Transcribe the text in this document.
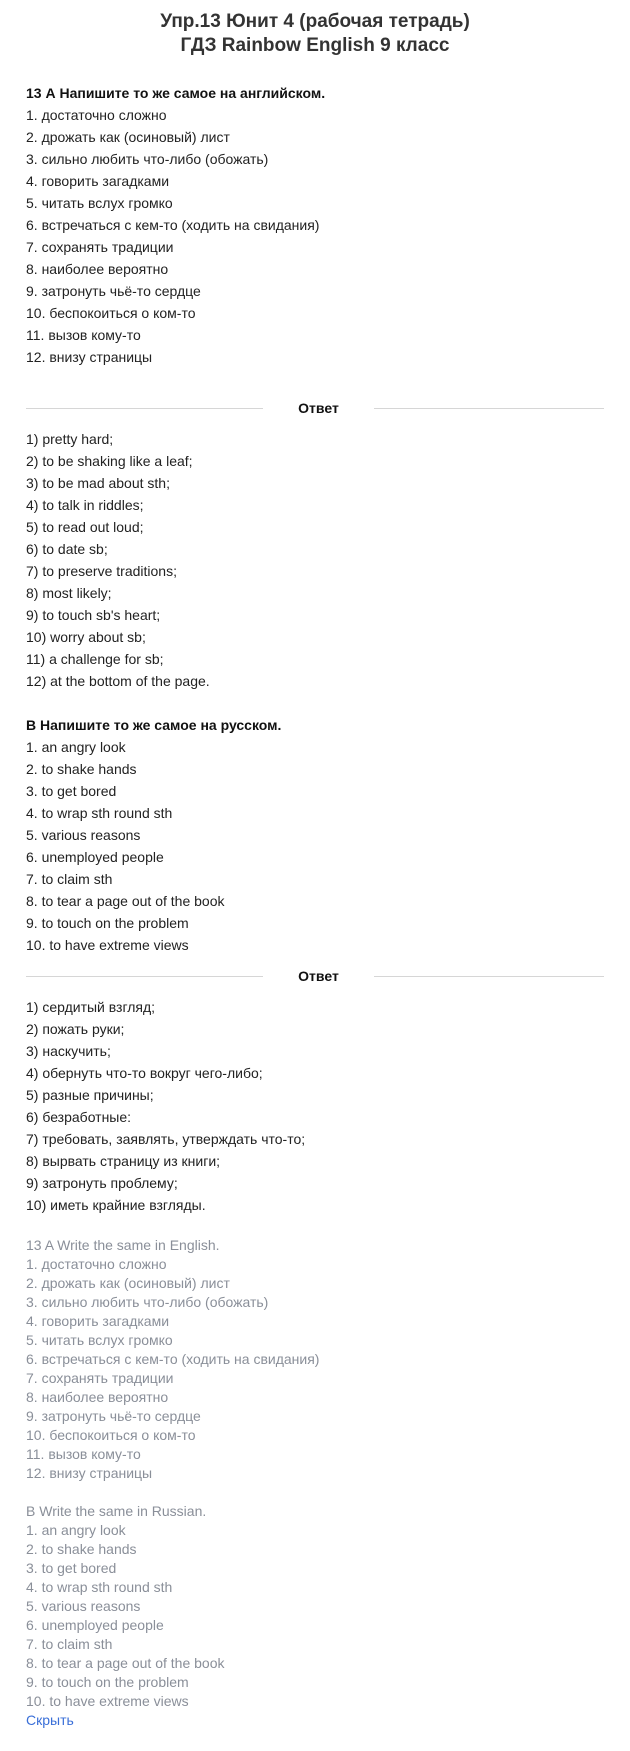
Упр.13 Юнит 4 (рабочая тетрадь)
ГДЗ Rainbow English 9 класс
13 А Напишите то же самое на английском.
1. достаточно сложно
2. дрожать как (осиновый) лист
3. сильно любить что-либо (обожать)
4. говорить загадками
5. читать вслух громко
6. встречаться с кем-то (ходить на свидания)
7. сохранять традиции
8. наиболее вероятно
9. затронуть чьё-то сердце
10. беспокоиться о ком-то
11. вызов кому-то
12. внизу страницы
Ответ
1) pretty hard;
2) to be shaking like a leaf;
3) to be mad about sth;
4) to talk in riddles;
5) to read out loud;
6) to date sb;
7) to preserve traditions;
8) most likely;
9) to touch sb's heart;
10) worry about sb;
11) a challenge for sb;
12) at the bottom of the page.
В Напишите то же самое на русском.
1. an angry look
2. to shake hands
3. to get bored
4. to wrap sth round sth
5. various reasons
6. unemployed people
7. to claim sth
8. to tear a page out of the book
9. to touch on the problem
10. to have extreme views
Ответ
1) сердитый взгляд;
2) пожать руки;
3) наскучить;
4) обернуть что-то вокруг чего-либо;
5) разные причины;
6) безработные:
7) требовать, заявлять, утверждать что-то;
8) вырвать страницу из книги;
9) затронуть проблему;
10) иметь крайние взгляды.
13 A Write the same in English.
1. достаточно сложно
2. дрожать как (осиновый) лист
3. сильно любить что-либо (обожать)
4. говорить загадками
5. читать вслух громко
6. встречаться с кем-то (ходить на свидания)
7. сохранять традиции
8. наиболее вероятно
9. затронуть чьё-то сердце
10. беспокоиться о ком-то
11. вызов кому-то
12. внизу страницы
B Write the same in Russian.
1. an angry look
2. to shake hands
3. to get bored
4. to wrap sth round sth
5. various reasons
6. unemployed people
7. to claim sth
8. to tear a page out of the book
9. to touch on the problem
10. to have extreme views
Скрыть
